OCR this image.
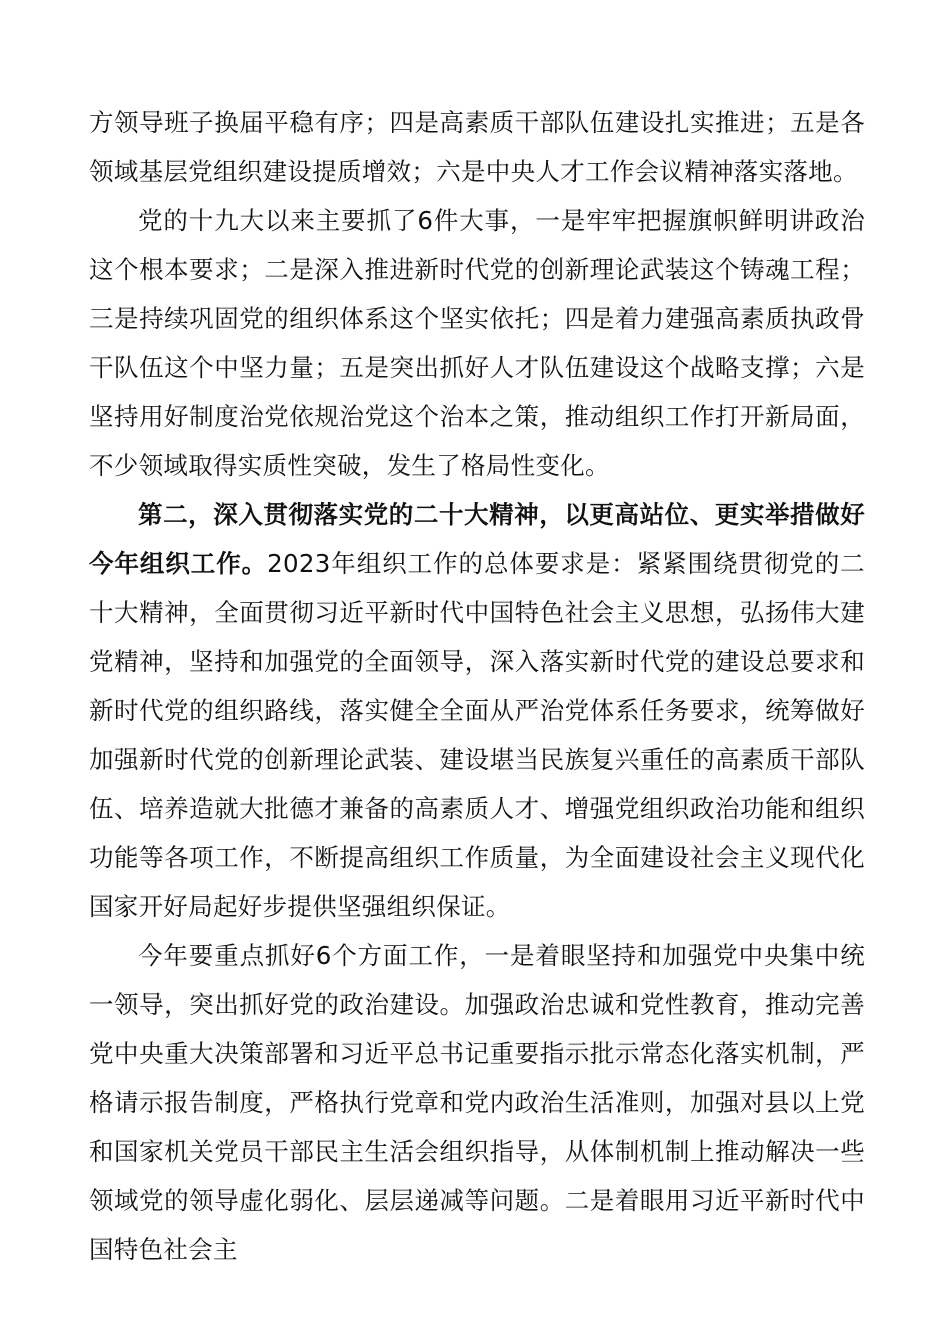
方领导班子换届平稳有序；四是高素质干部队伍建设扎实推进；五是各领域基层党组织建设提质增效；六是中央人才工作会议精神落实落地。

党的十九大以来主要抓了6件大事，一是牢牢把握旗帜鲜明讲政治这个根本要求；二是深入推进新时代党的创新理论武装这个铸魂工程；三是持续巩固党的组织体系这个坚实依托；四是着力建强高素质执政骨干队伍这个中坚力量；五是突出抓好人才队伍建设这个战略支撑；六是坚持用好制度治党依规治党这个治本之策，推动组织工作打开新局面，不少领域取得实质性突破，发生了格局性变化。

第二，深入贯彻落实党的二十大精神，以更高站位、更实举措做好今年组织工作。2023年组织工作的总体要求是：紧紧围绕贯彻党的二十大精神，全面贯彻习近平新时代中国特色社会主义思想，弘扬伟大建党精神，坚持和加强党的全面领导，深入落实新时代党的建设总要求和新时代党的组织路线，落实健全全面从严治党体系任务要求，统筹做好加强新时代党的创新理论武装、建设堪当民族复兴重任的高素质干部队伍、培养造就大批德才兼备的高素质人才、增强党组织政治功能和组织功能等各项工作，不断提高组织工作质量，为全面建设社会主义现代化国家开好局起好步提供坚强组织保证。

今年要重点抓好6个方面工作，一是着眼坚持和加强党中央集中统一领导，突出抓好党的政治建设。加强政治忠诚和党性教育，推动完善党中央重大决策部署和习近平总书记重要指示批示常态化落实机制，严格请示报告制度，严格执行党章和党内政治生活准则，加强对县以上党和国家机关党员干部民主生活会组织指导，从体制机制上推动解决一些领域党的领导虚化弱化、层层递减等问题。二是着眼用习近平新时代中国特色社会主
